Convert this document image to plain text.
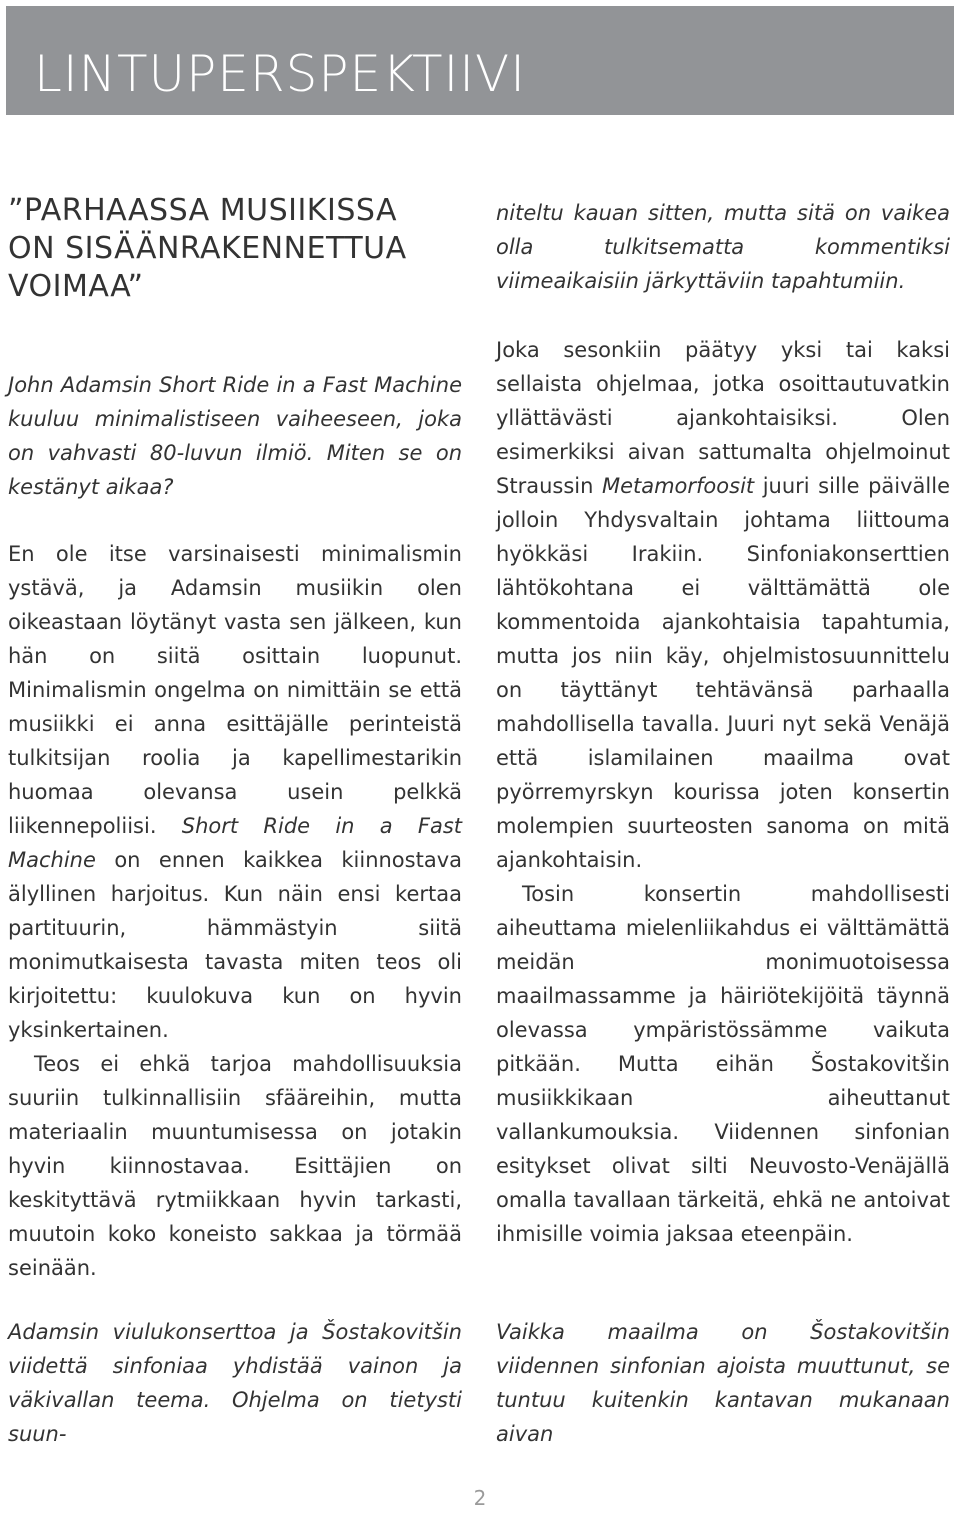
LINTUPERSPEKTIIVI
”PARHAASSA MUSIIKISSA
ON SISÄÄNRAKENNETTUA
VOIMAA”

John Adamsin Short Ride in a Fast Machine kuuluu minimalistiseen vaiheeseen, joka on vahvasti 80-luvun ilmiö. Miten se on kestänyt aikaa?

En ole itse varsinaisesti minimalismin ystävä, ja Adamsin musiikin olen oikeastaan löytänyt vasta sen jälkeen, kun hän on siitä osittain luopunut. Minimalismin ongelma on nimittäin se että musiikki ei anna esittäjälle perinteistä tulkitsijan roolia ja kapellimestarikin huomaa olevansa usein pelkkä liikennepoliisi. Short Ride in a Fast Machine on ennen kaikkea kiinnostava älyllinen harjoitus. Kun näin ensi kertaa partituurin, hämmästyin siitä monimutkaisesta tavasta miten teos oli kirjoitettu: kuulokuva kun on hyvin yksinkertainen.

Teos ei ehkä tarjoa mahdollisuuksia suuriin tulkinnallisiin sfääreihin, mutta materiaalin muuntumisessa on jotakin hyvin kiinnostavaa. Esittäjien on keskityttävä rytmiikkaan hyvin tarkasti, muutoin koko koneisto sakkaa ja törmää seinään.

Adamsin viulukonserttoa ja Šostakovitšin viidettä sinfoniaa yhdistää vainon ja väkivallan teema. Ohjelma on tietysti suun-

niteltu kauan sitten, mutta sitä on vaikea olla tulkitsematta kommentiksi viimeaikaisiin järkyttäviin tapahtumiin.

Joka sesonkiin päätyy yksi tai kaksi sellaista ohjelmaa, jotka osoittautuvatkin yllättävästi ajankohtaisiksi. Olen esimerkiksi aivan sattumalta ohjelmoinut Straussin Metamorfoosit juuri sille päivälle jolloin Yhdysvaltain johtama liittouma hyökkäsi Irakiin. Sinfoniakonserttien lähtökohtana ei välttämättä ole kommentoida ajankohtaisia tapahtumia, mutta jos niin käy, ohjelmistosuunnittelu on täyttänyt tehtävänsä parhaalla mahdollisella tavalla. Juuri nyt sekä Venäjä että islamilainen maailma ovat pyörremyrskyn kourissa joten konsertin molempien suurteosten sanoma on mitä ajankohtaisin.

Tosin konsertin mahdollisesti aiheuttama mielenliikahdus ei välttämättä meidän monimuotoisessa maailmassamme ja häiriötekijöitä täynnä olevassa ympäristössämme vaikuta pitkään. Mutta eihän Šostakovitšin musiikkikaan aiheuttanut vallankumouksia. Viidennen sinfonian esitykset olivat silti Neuvosto-Venäjällä omalla tavallaan tärkeitä, ehkä ne antoivat ihmisille voimia jaksaa eteenpäin.

Vaikka maailma on Šostakovitšin viidennen sinfonian ajoista muuttunut, se tuntuu kuitenkin kantavan mukanaan aivan

2
